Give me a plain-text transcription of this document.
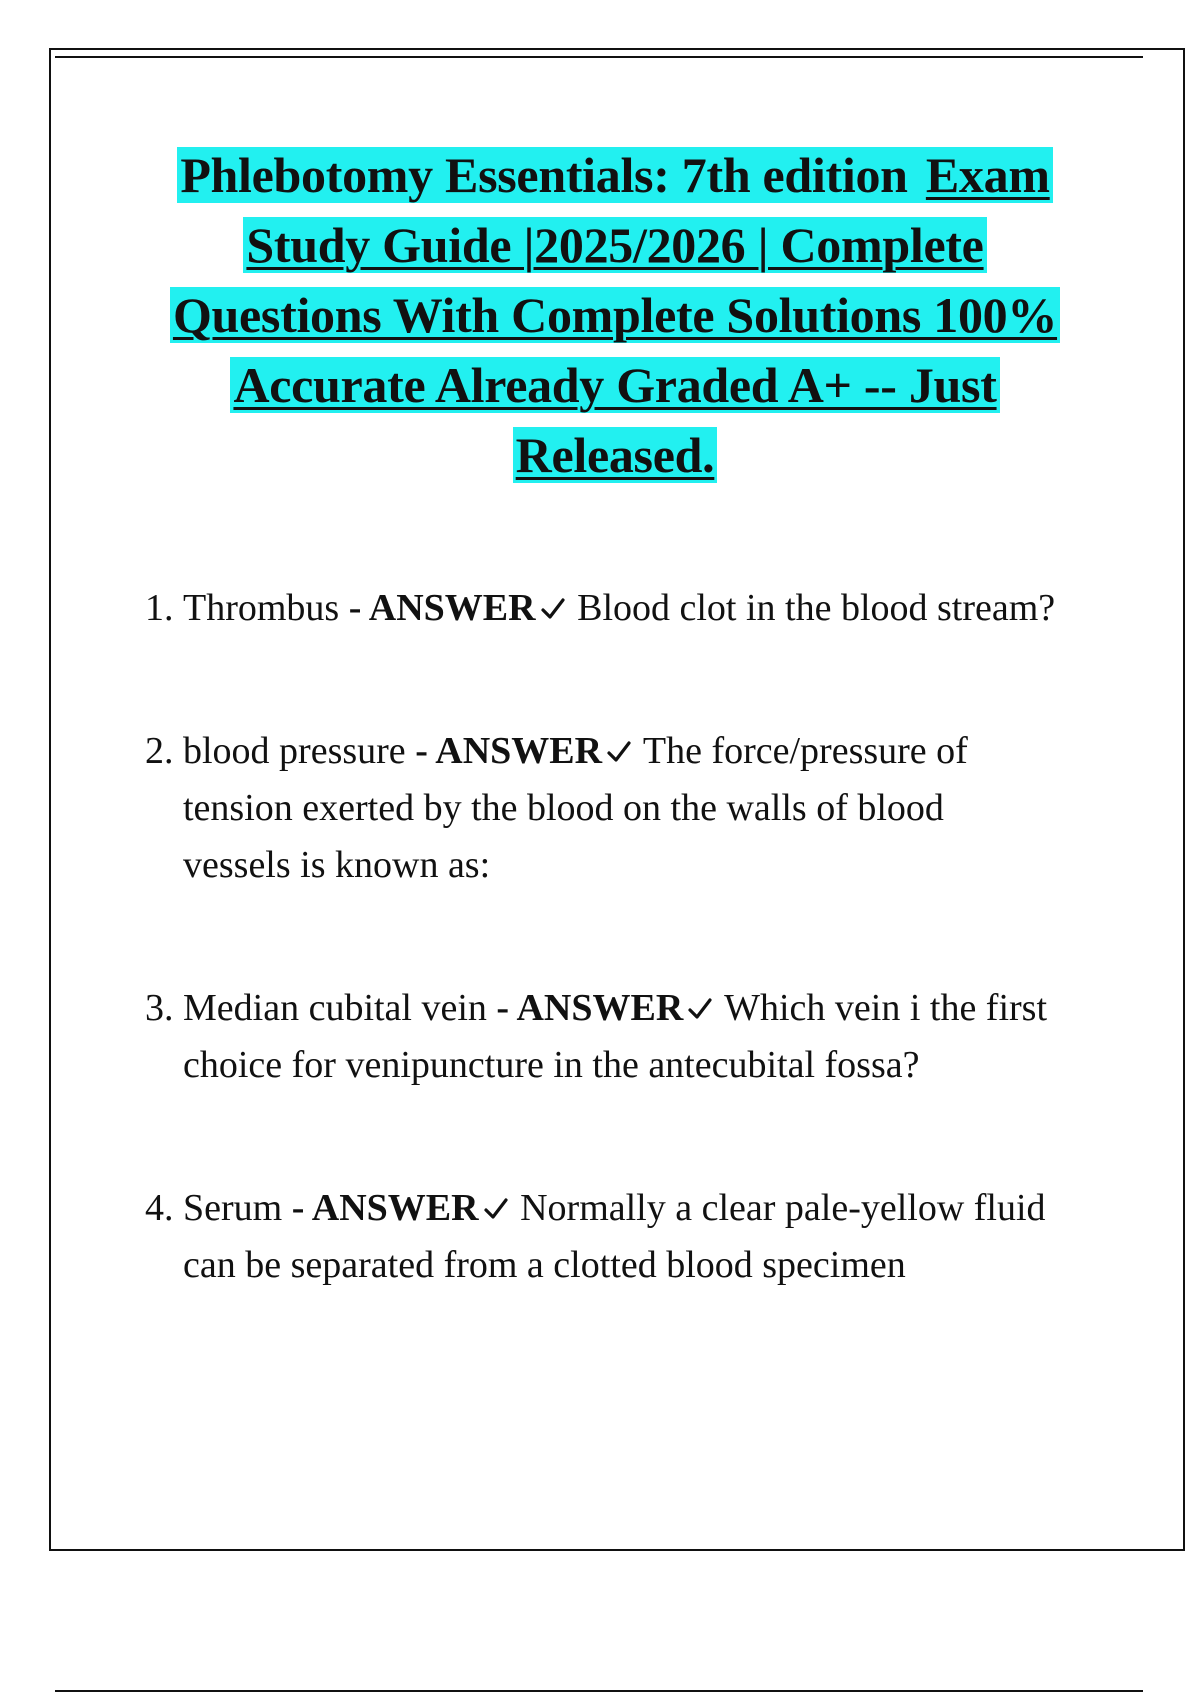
Phlebotomy Essentials: 7th edition Exam
Study Guide |2025/2026 | Complete
Questions With Complete Solutions 100%
Accurate Already Graded A+ -- Just
Released.
1. Thrombus - ANSWER Blood clot in the blood stream?
2. blood pressure - ANSWER The force/pressure of tension exerted by the blood on the walls of blood vessels is known as:
3. Median cubital vein - ANSWER Which vein i the first choice for venipuncture in the antecubital fossa?
4. Serum - ANSWER Normally a clear pale-yellow fluid can be separated from a clotted blood specimen
